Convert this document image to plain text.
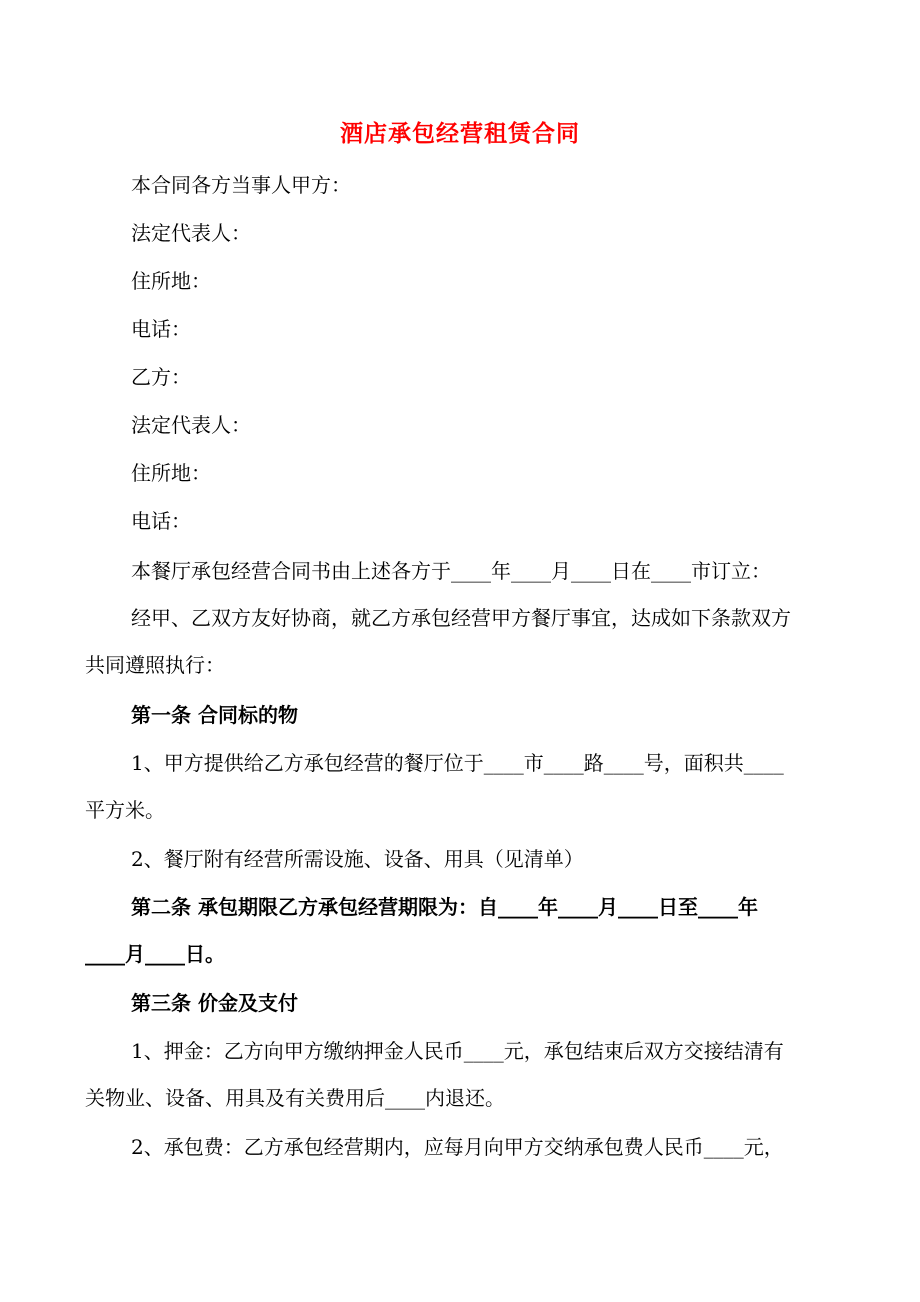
酒店承包经营租赁合同

本合同各方当事人甲方：

法定代表人：

住所地：

电话：

乙方：

法定代表人：

住所地：

电话：

本餐厅承包经营合同书由上述各方于____年____月____日在____市订立：

经甲、乙双方友好协商，就乙方承包经营甲方餐厅事宜，达成如下条款双方

共同遵照执行：

第一条 合同标的物

1、甲方提供给乙方承包经营的餐厅位于____市____路____号，面积共____

平方米。

2、餐厅附有经营所需设施、设备、用具（见清单）

第二条 承包期限乙方承包经营期限为：自____年____月____日至____年

____月____日。

第三条 价金及支付

1、押金：乙方向甲方缴纳押金人民币____元，承包结束后双方交接结清有

关物业、设备、用具及有关费用后____内退还。

2、承包费：乙方承包经营期内，应每月向甲方交纳承包费人民币____元，
